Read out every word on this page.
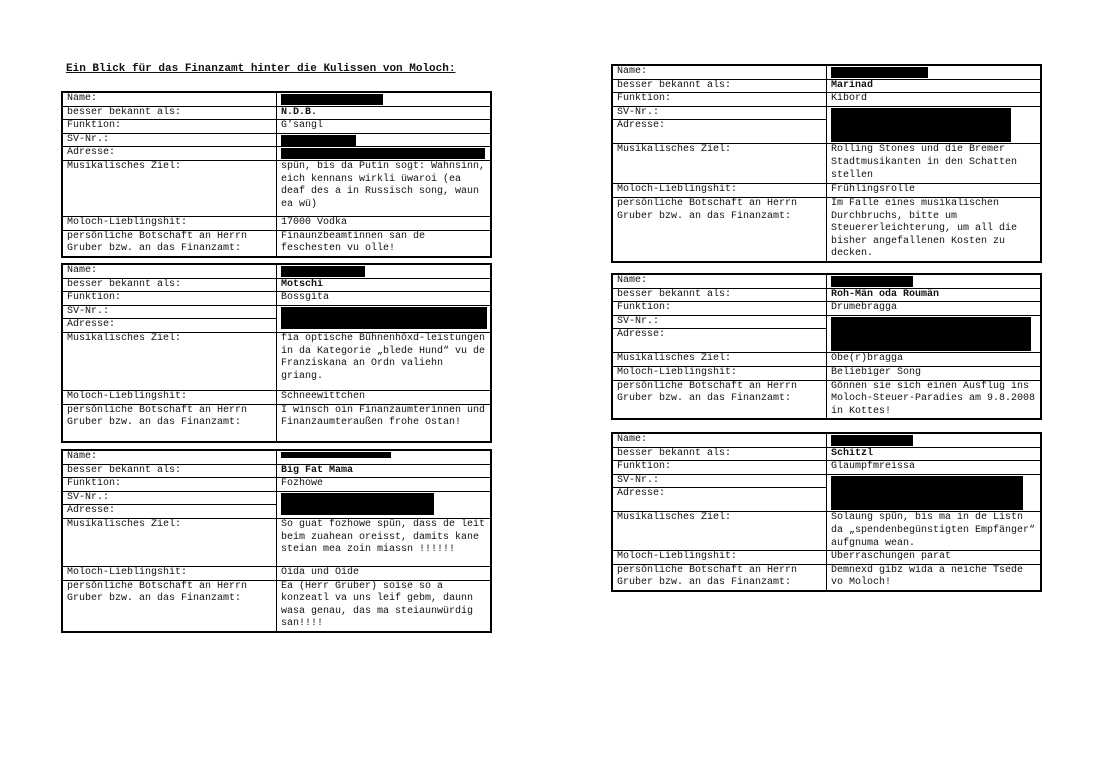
Ein Blick für das Finanzamt hinter die Kulissen von Moloch:
Name:	

besser bekannt als:	N.D.B.
Funktion:	G'sangl
SV-Nr.:	

Adresse:	

Musikalisches Ziel:	spün, bis da Putin sogt: Wahnsinn, eich kennans wirkli üwaroi (ea deaf des a in Russisch song, waun ea wü)
Moloch-Lieblingshit:	17000 Vodka
persönliche Botschaft an Herrn Gruber bzw. an das Finanzamt:	Finaunzbeamtinnen san de feschesten vu olle!
Name:	

besser bekannt als:	Motschi
Funktion:	Bossgita
SV-Nr.:	

Adresse:	
Musikalisches Ziel:	fia optische Bühnenhöxd-leistungen in da Kategorie „blede Hund“ vu de Franziskana an Ordn valiehn griang.
Moloch-Lieblingshit:	Schneewittchen
persönliche Botschaft an Herrn Gruber bzw. an das Finanzamt:	I winsch oin Finanzaumterinnen und Finanzaumteraußen frohe Ostan!
Name:	

besser bekannt als:	Big Fat Mama
Funktion:	Fozhowe
SV-Nr.:	

Adresse:	
Musikalisches Ziel:	So guat fozhowe spün, dass de leit beim zuahean oreisst, damits kane steian mea zoin miassn !!!!!!
Moloch-Lieblingshit:	Oida und Oide
persönliche Botschaft an Herrn Gruber bzw. an das Finanzamt:	Ea (Herr Gruber) soise so a konzeatl va uns leif gebm, daunn wasa genau, das ma steiaunwürdig san!!!!
Name:	

besser bekannt als:	Marinad
Funktion:	Kibord
SV-Nr.:	

Adresse:	
Musikalisches Ziel:	Rolling Stones und die Bremer Stadtmusikanten in den Schatten stellen
Moloch-Lieblingshit:	Frühlingsrolle
persönliche Botschaft an Herrn Gruber bzw. an das Finanzamt:	Im Falle eines musikalischen Durchbruchs, bitte um Steuererleichterung, um all die bisher angefallenen Kosten zu decken.
Name:	

besser bekannt als:	Roh-Män oda Roumän
Funktion:	Drumebragga
SV-Nr.:	

Adresse:	
Musikalisches Ziel:	Obe(r)bragga
Moloch-Lieblingshit:	Beliebiger Song
persönliche Botschaft an Herrn Gruber bzw. an das Finanzamt:	Gönnen sie sich einen Ausflug ins Moloch-Steuer-Paradies am 9.8.2008 in Kottes!
Name:	

besser bekannt als:	Schitzl
Funktion:	Glaumpfmreissa
SV-Nr.:	

Adresse:	
Musikalisches Ziel:	Solaung spün, bis ma in de Listn da „spendenbegünstigten Empfänger“ aufgnuma wean.
Moloch-Lieblingshit:	Überraschungen parat
persönliche Botschaft an Herrn Gruber bzw. an das Finanzamt:	Demnexd gibz wida a neiche Tsede vo Moloch!
